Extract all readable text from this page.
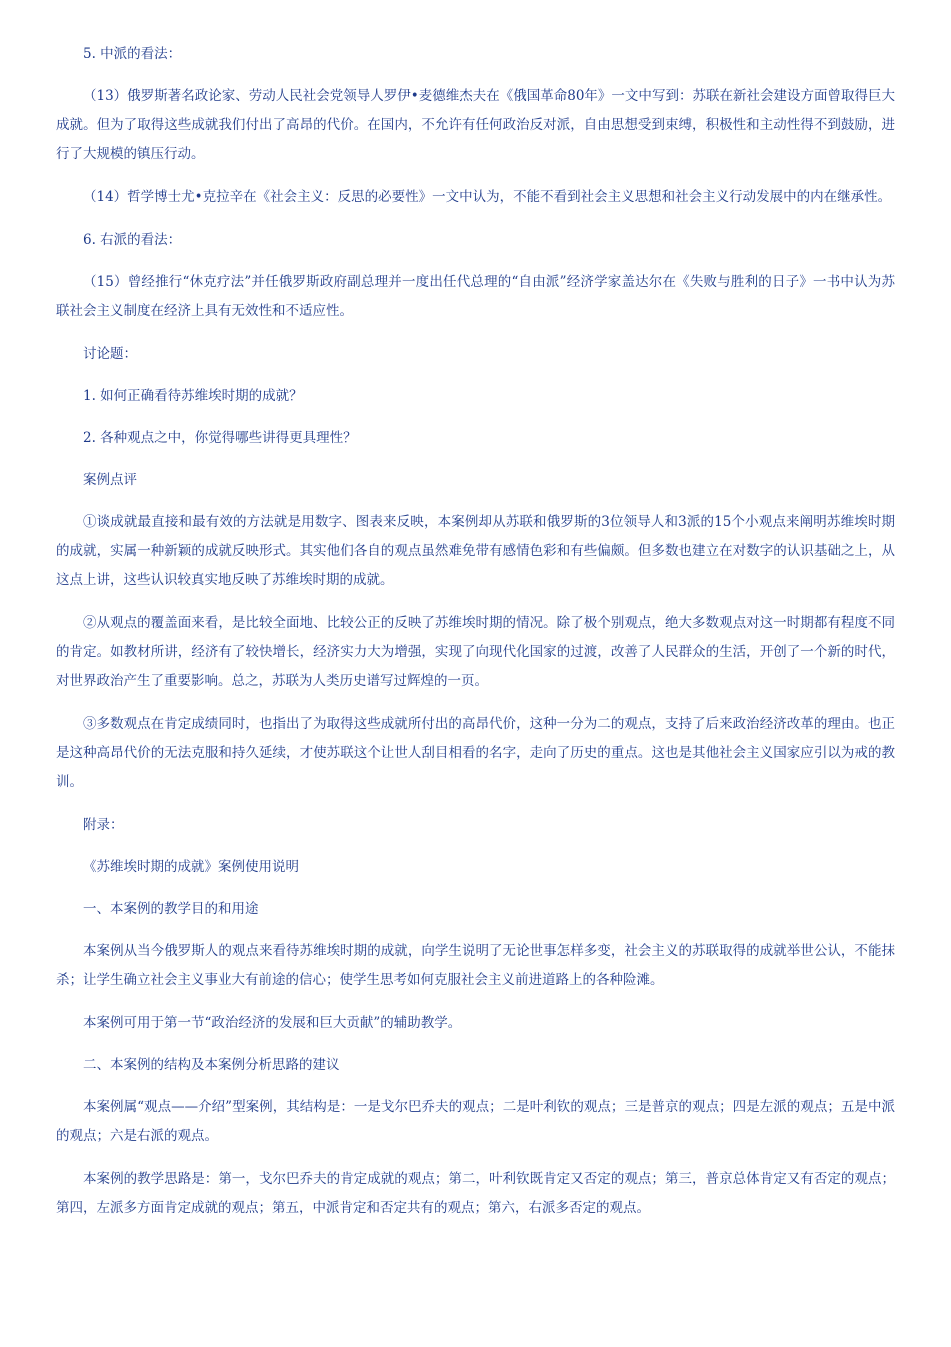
5. 中派的看法：

（13）俄罗斯著名政论家、劳动人民社会党领导人罗伊•麦德维杰夫在《俄国革命80年》一文中写到：苏联在新社会建设方面曾取得巨大成就。但为了取得这些成就我们付出了高昂的代价。在国内，不允许有任何政治反对派，自由思想受到束缚，积极性和主动性得不到鼓励，进行了大规模的镇压行动。

（14）哲学博士尤•克拉辛在《社会主义：反思的必要性》一文中认为，不能不看到社会主义思想和社会主义行动发展中的内在继承性。

6. 右派的看法：

（15）曾经推行“休克疗法”并任俄罗斯政府副总理并一度出任代总理的“自由派”经济学家盖达尔在《失败与胜利的日子》一书中认为苏联社会主义制度在经济上具有无效性和不适应性。

讨论题：

1. 如何正确看待苏维埃时期的成就？

2. 各种观点之中，你觉得哪些讲得更具理性？

案例点评

①谈成就最直接和最有效的方法就是用数字、图表来反映，本案例却从苏联和俄罗斯的3位领导人和3派的15个小观点来阐明苏维埃时期的成就，实属一种新颖的成就反映形式。其实他们各自的观点虽然难免带有感情色彩和有些偏颇。但多数也建立在对数字的认识基础之上，从这点上讲，这些认识较真实地反映了苏维埃时期的成就。

②从观点的覆盖面来看，是比较全面地、比较公正的反映了苏维埃时期的情况。除了极个别观点，绝大多数观点对这一时期都有程度不同的肯定。如教材所讲，经济有了较快增长，经济实力大为增强，实现了向现代化国家的过渡，改善了人民群众的生活，开创了一个新的时代，对世界政治产生了重要影响。总之，苏联为人类历史谱写过辉煌的一页。

③多数观点在肯定成绩同时，也指出了为取得这些成就所付出的高昂代价，这种一分为二的观点，支持了后来政治经济改革的理由。也正是这种高昂代价的无法克服和持久延续，才使苏联这个让世人刮目相看的名字，走向了历史的重点。这也是其他社会主义国家应引以为戒的教训。

附录：

《苏维埃时期的成就》案例使用说明

一、本案例的教学目的和用途

本案例从当今俄罗斯人的观点来看待苏维埃时期的成就，向学生说明了无论世事怎样多变，社会主义的苏联取得的成就举世公认，不能抹杀；让学生确立社会主义事业大有前途的信心；使学生思考如何克服社会主义前进道路上的各种险滩。

本案例可用于第一节“政治经济的发展和巨大贡献”的辅助教学。

二、本案例的结构及本案例分析思路的建议

本案例属“观点——介绍”型案例，其结构是：一是戈尔巴乔夫的观点；二是叶利钦的观点；三是普京的观点；四是左派的观点；五是中派的观点；六是右派的观点。

本案例的教学思路是：第一，戈尔巴乔夫的肯定成就的观点；第二，叶利钦既肯定又否定的观点；第三，普京总体肯定又有否定的观点；第四，左派多方面肯定成就的观点；第五，中派肯定和否定共有的观点；第六，右派多否定的观点。
